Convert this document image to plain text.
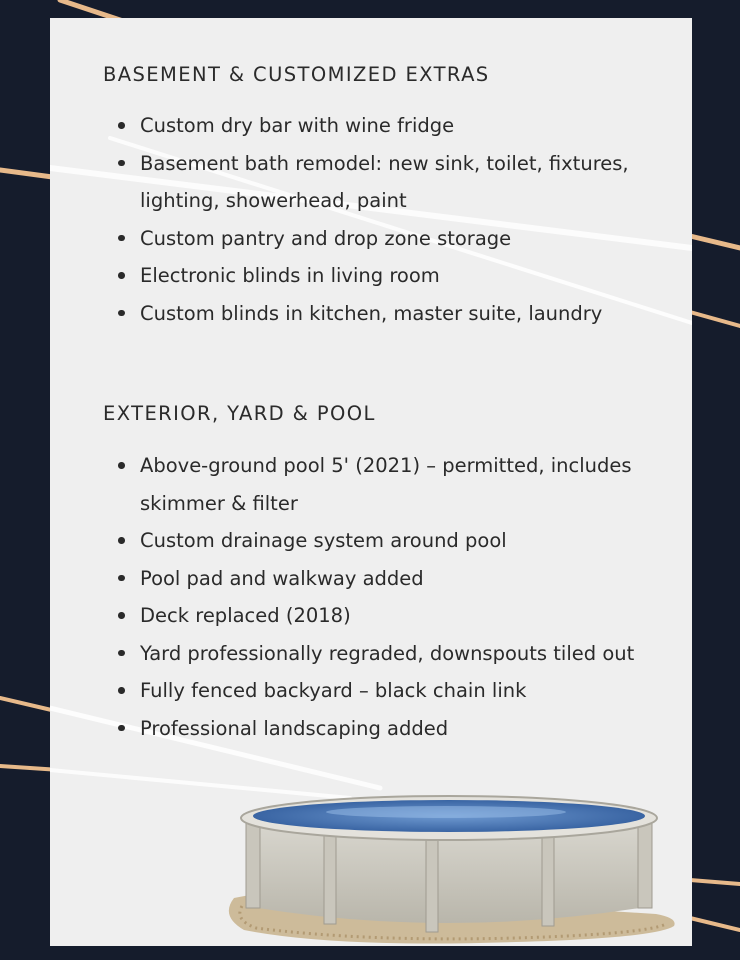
BASEMENT & CUSTOMIZED EXTRAS
Custom dry bar with wine fridge
Basement bath remodel: new sink, toilet, fixtures, lighting, showerhead, paint
Custom pantry and drop zone storage
Electronic blinds in living room
Custom blinds in kitchen, master suite, laundry
EXTERIOR, YARD & POOL
Above-ground pool 5' (2021) – permitted, includes skimmer & filter
Custom drainage system around pool
Pool pad and walkway added
Deck replaced (2018)
Yard professionally regraded, downspouts tiled out
Fully fenced backyard – black chain link
Professional landscaping added
